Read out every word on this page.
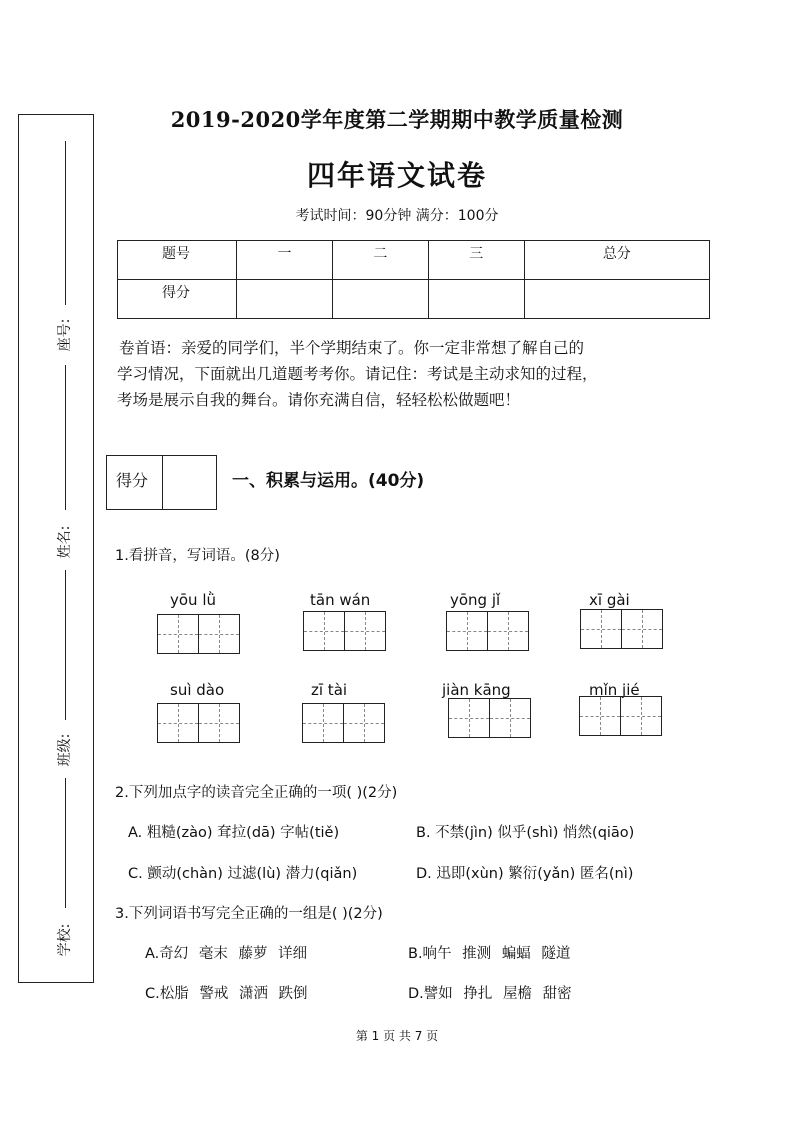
座号:
姓名:
班级:
学校:
2019-2020学年度第二学期期中教学质量检测
四年语文试卷
考试时间：90分钟 满分：100分
题号	一	二	三	总分
得分				

卷首语：亲爱的同学们，半个学期结束了。你一定非常想了解自己的

学习情况，下面就出几道题考考你。请记住：考试是主动求知的过程，

考场是展示自我的舞台。请你充满自信，轻轻松松做题吧！

得分	一、积累与运用。(40分)
1.看拼音，写词语。(8分)
yōu lǜ	tān wán	yōng jǐ	xī gài
suì dào	zī tài	jiàn kāng	mǐn jié
2.下列加点字的读音完全正确的一项( )(2分)
A. 粗糙(zào) 耷拉(dā) 字帖(tiě)	B. 不禁(jìn) 似乎(shì) 悄然(qiāo)
C. 颤动(chàn) 过滤(lù) 潜力(qiǎn)	D. 迅即(xùn) 繁衍(yǎn) 匿名(nì)
3.下列词语书写完全正确的一组是( )(2分)
A.奇幻 毫末 藤萝 详细	B.响午 推测 蝙蝠 隧道
C.松脂 警戒 潇洒 跌倒	D.譬如 挣扎 屋檐 甜密
第 1 页 共 7 页
